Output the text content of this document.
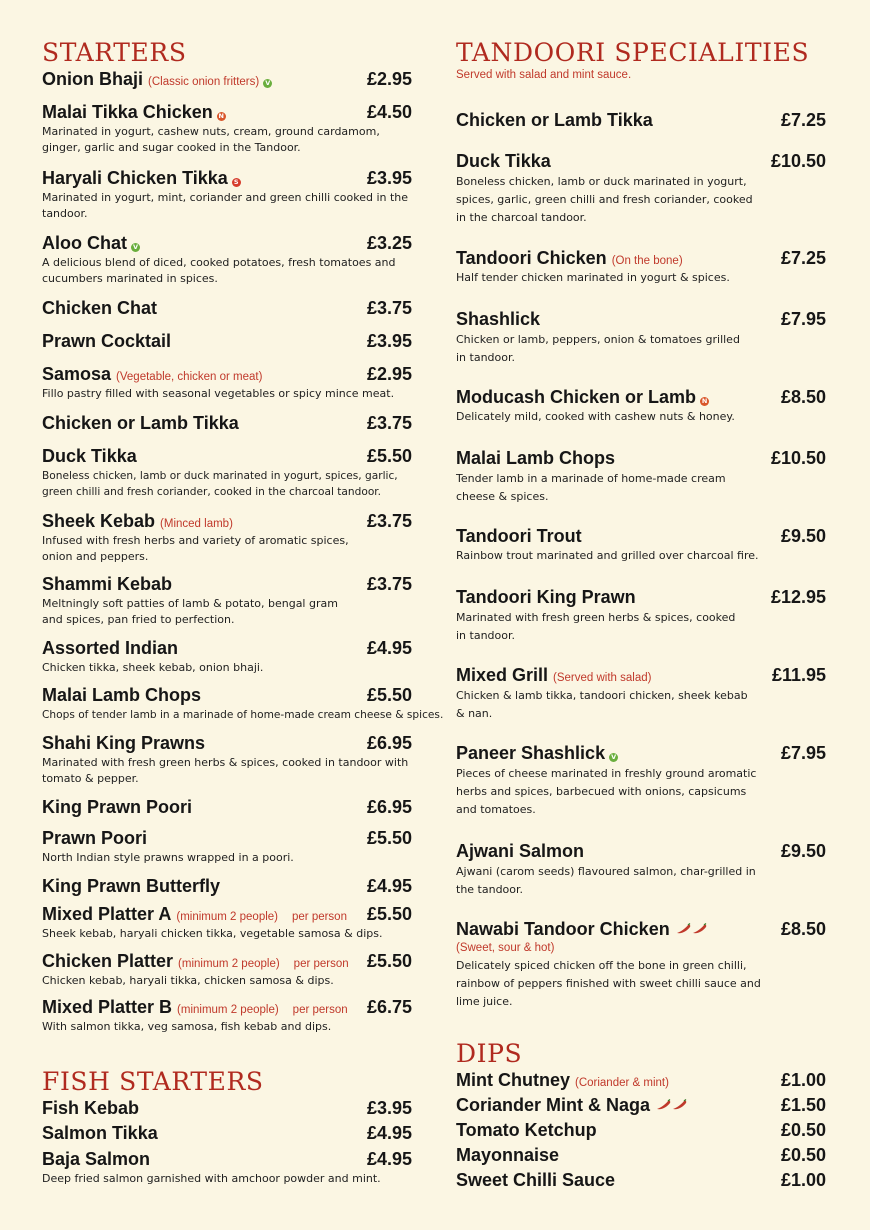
STARTERS
Onion Bhaji (Classic onion fritters) V	£2.95
Malai Tikka Chicken N	£4.50
Marinated in yogurt, cashew nuts, cream, ground cardamom, ginger, garlic and sugar cooked in the Tandoor.
Haryali Chicken Tikka S	£3.95
Marinated in yogurt, mint, coriander and green chilli cooked in the tandoor.
Aloo Chat V	£3.25
A delicious blend of diced, cooked potatoes, fresh tomatoes and cucumbers marinated in spices.
Chicken Chat	£3.75
Prawn Cocktail	£3.95
Samosa (Vegetable, chicken or meat)	£2.95
Fillo pastry filled with seasonal vegetables or spicy mince meat.
Chicken or Lamb Tikka	£3.75
Duck Tikka	£5.50
Boneless chicken, lamb or duck marinated in yogurt, spices, garlic, green chilli and fresh coriander, cooked in the charcoal tandoor.
Sheek Kebab (Minced lamb)	£3.75
Infused with fresh herbs and variety of aromatic spices, onion and peppers.
Shammi Kebab	£3.75
Meltningly soft patties of lamb & potato, bengal gram and spices, pan fried to perfection.
Assorted Indian	£4.95
Chicken tikka, sheek kebab, onion bhaji.
Malai Lamb Chops	£5.50
Chops of tender lamb in a marinade of home-made cream cheese & spices.
Shahi King Prawns	£6.95
Marinated with fresh green herbs & spices, cooked in tandoor with tomato & pepper.
King Prawn Poori	£6.95
Prawn Poori	£5.50
North Indian style prawns wrapped in a poori.
King Prawn Butterfly	£4.95
Mixed Platter A (minimum 2 people) per person £5.50
Sheek kebab, haryali chicken tikka, vegetable samosa & dips.
Chicken Platter (minimum 2 people) per person £5.50
Chicken kebab, haryali tikka, chicken samosa & dips.
Mixed Platter B (minimum 2 people) per person £6.75
With salmon tikka, veg samosa, fish kebab and dips.
FISH STARTERS
Fish Kebab	£3.95
Salmon Tikka	£4.95
Baja Salmon	£4.95
Deep fried salmon garnished with amchoor powder and mint.
TANDOORI SPECIALITIES
Served with salad and mint sauce.
Chicken or Lamb Tikka	£7.25
Duck Tikka	£10.50
Boneless chicken, lamb or duck marinated in yogurt, spices, garlic, green chilli and fresh coriander, cooked in the charcoal tandoor.
Tandoori Chicken (On the bone)	£7.25
Half tender chicken marinated in yogurt & spices.
Shashlick	£7.95
Chicken or lamb, peppers, onion & tomatoes grilled in tandoor.
Moducash Chicken or Lamb N	£8.50
Delicately mild, cooked with cashew nuts & honey.
Malai Lamb Chops	£10.50
Tender lamb in a marinade of home-made cream cheese & spices.
Tandoori Trout	£9.50
Rainbow trout marinated and grilled over charcoal fire.
Tandoori King Prawn	£12.95
Marinated with fresh green herbs & spices, cooked in tandoor.
Mixed Grill (Served with salad)	£11.95
Chicken & lamb tikka, tandoori chicken, sheek kebab & nan.
Paneer Shashlick V	£7.95
Pieces of cheese marinated in freshly ground aromatic herbs and spices, barbecued with onions, capsicums and tomatoes.
Ajwani Salmon	£9.50
Ajwani (carom seeds) flavoured salmon, char-grilled in the tandoor.
Nawabi Tandoor Chicken	£8.50
(Sweet, sour & hot)
Delicately spiced chicken off the bone in green chilli, rainbow of peppers finished with sweet chilli sauce and lime juice.
DIPS
Mint Chutney (Coriander & mint)	£1.00
Coriander Mint & Naga	£1.50
Tomato Ketchup	£0.50
Mayonnaise	£0.50
Sweet Chilli Sauce	£1.00
